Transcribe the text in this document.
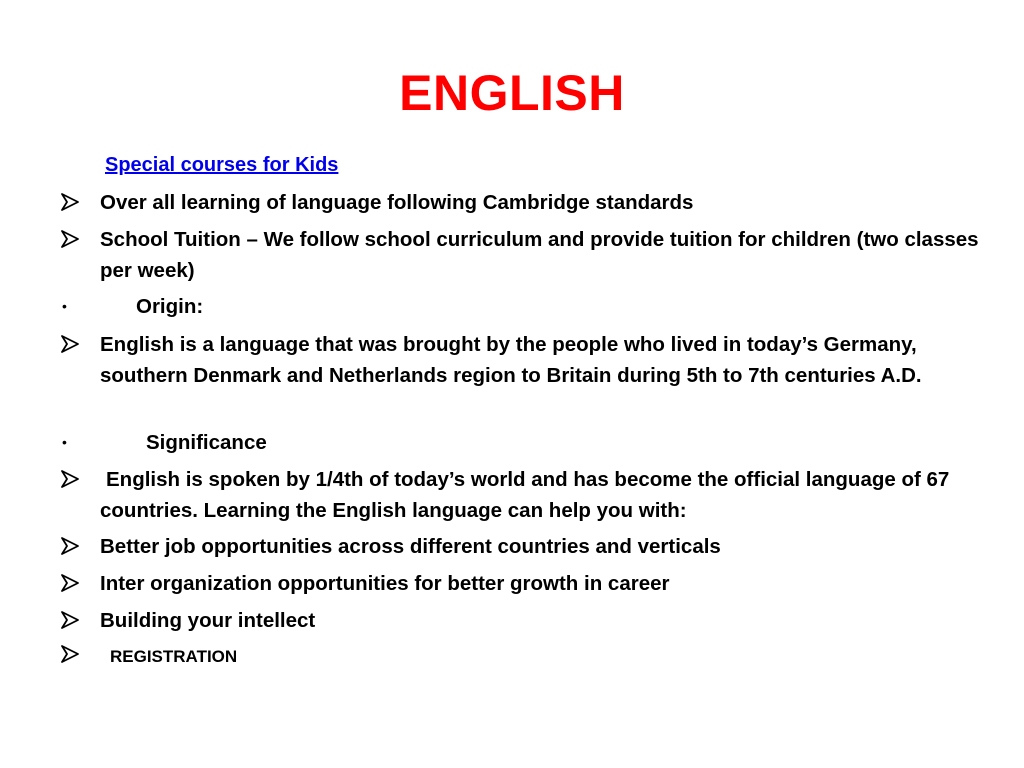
ENGLISH
Special courses for Kids
Over all learning of language following Cambridge standards
School Tuition – We follow school curriculum and provide tuition for children (two classes per week)
•	Origin:
English is a language that was brought by the people who lived in today’s Germany, southern Denmark and Netherlands region to Britain during 5th to 7th centuries A.D.
•	Significance
English is spoken by 1/4th of today’s world and has become the official language of 67 countries. Learning the English language can help you with:
Better job opportunities across different countries and verticals
Inter organization opportunities for better growth in career
Building your intellect
REGISTRATION
